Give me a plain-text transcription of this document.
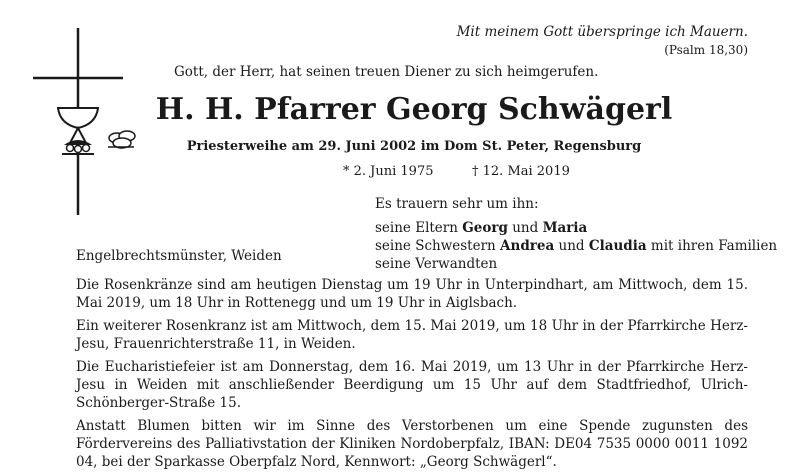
Mit meinem Gott überspringe ich Mauern.
(Psalm 18,30)
Gott, der Herr, hat seinen treuen Diener zu sich heimgerufen.
H. H. Pfarrer Georg Schwägerl
Priesterweihe am 29. Juni 2002 im Dom St. Peter, Regensburg
* 2. Juni 1975	† 12. Mai 2019
Es trauern sehr um ihn:
seine Eltern Georg und Maria
seine Schwestern Andrea und Claudia mit ihren Familien
seine Verwandten
Engelbrechtsmünster, Weiden

Die Rosenkränze sind am heutigen Dienstag um 19 Uhr in Unterpindhart, am Mittwoch, dem 15. Mai 2019, um 18 Uhr in Rottenegg und um 19 Uhr in Aiglsbach.

Ein weiterer Rosenkranz ist am Mittwoch, dem 15. Mai 2019, um 18 Uhr in der Pfarrkirche Herz-Jesu, Frauenrichterstraße 11, in Weiden.

Die Eucharistiefeier ist am Donnerstag, dem 16. Mai 2019, um 13 Uhr in der Pfarrkirche Herz-Jesu in Weiden mit anschließender Beerdigung um 15 Uhr auf dem Stadtfriedhof, Ulrich-Schönberger-Straße 15.

Anstatt Blumen bitten wir im Sinne des Verstorbenen um eine Spende zugunsten des Fördervereins des Palliativstation der Kliniken Nordoberpfalz, IBAN: DE04 7535 0000 0011 1092 04, bei der Sparkasse Oberpfalz Nord, Kennwort: „Georg Schwägerl“.
